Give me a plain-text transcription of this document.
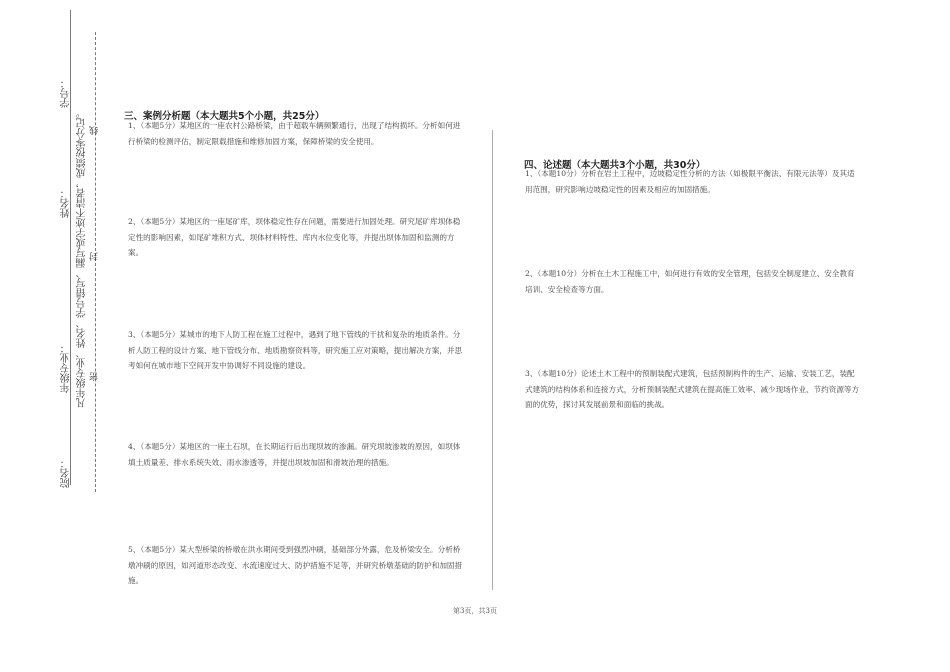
学号：
姓名：
年级专业：
院名：
凡年级专业、姓名、学号错写、漏写或字迹不清者，成绩按零分记。 线
封
密
三、案例分析题（本大题共5个小题，共25分）
1、（本题5分）某地区的一座农村公路桥梁，由于超载车辆频繁通行，出现了结构损坏。分析如何进行桥梁的检测评估，制定限载措施和维修加固方案，保障桥梁的安全使用。
2、（本题5分）某地区的一座尾矿库，坝体稳定性存在问题，需要进行加固处理。研究尾矿库坝体稳定性的影响因素，如尾矿堆积方式、坝体材料特性、库内水位变化等，并提出坝体加固和监测的方案。
3、（本题5分）某城市的地下人防工程在施工过程中，遇到了地下管线的干扰和复杂的地质条件。分析人防工程的设计方案、地下管线分布、地质勘察资料等，研究施工应对策略，提出解决方案，并思考如何在城市地下空间开发中协调好不同设施的建设。
4、（本题5分）某地区的一座土石坝，在长期运行后出现坝坡的渗漏。研究坝坡渗坡的原因，如坝体填土质量差、排水系统失效、雨水渗透等，并提出坝坡加固和滑坡治理的措施。
5、（本题5分）某大型桥梁的桥墩在洪水期间受到强烈冲刷，基础部分外露，危及桥梁安全。分析桥墩冲刷的原因，如河道形态改变、水流速度过大、防护措施不足等，并研究桥墩基础的防护和加固措施。
四、论述题（本大题共3个小题，共30分）
1、（本题10分）分析在岩土工程中，边坡稳定性分析的方法（如极限平衡法、有限元法等）及其适用范围，研究影响边坡稳定性的因素及相应的加固措施。
2、（本题10分）分析在土木工程施工中，如何进行有效的安全管理，包括安全制度建立、安全教育培训、安全检查等方面。
3、（本题10分）论述土木工程中的预制装配式建筑，包括预制构件的生产、运输、安装工艺，装配式建筑的结构体系和连接方式，分析预制装配式建筑在提高施工效率、减少现场作业、节约资源等方面的优势，探讨其发展前景和面临的挑战。
第3页，共3页
